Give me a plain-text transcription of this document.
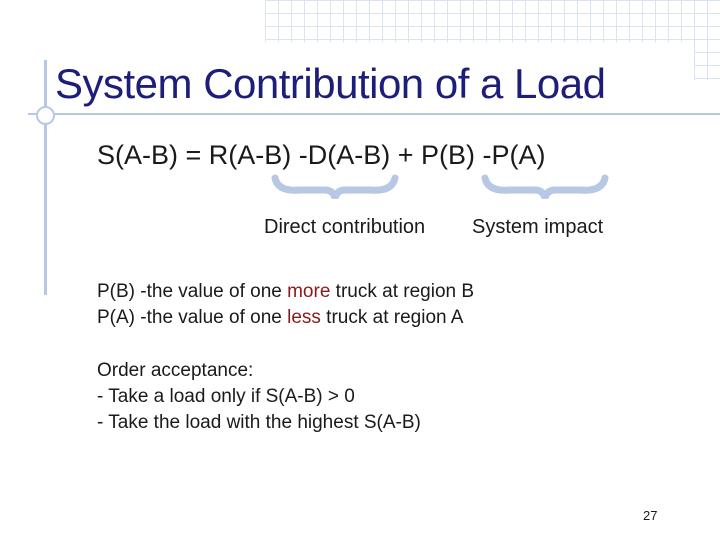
System Contribution of a Load
S(A-B) = R(A-B) -D(A-B) + P(B) -P(A)
Direct contribution System impact
P(B) -the value of one more truck at region B
P(A) -the value of one less truck at region A
Order acceptance:
- Take a load only if S(A-B) > 0
- Take the load with the highest S(A-B)
27
